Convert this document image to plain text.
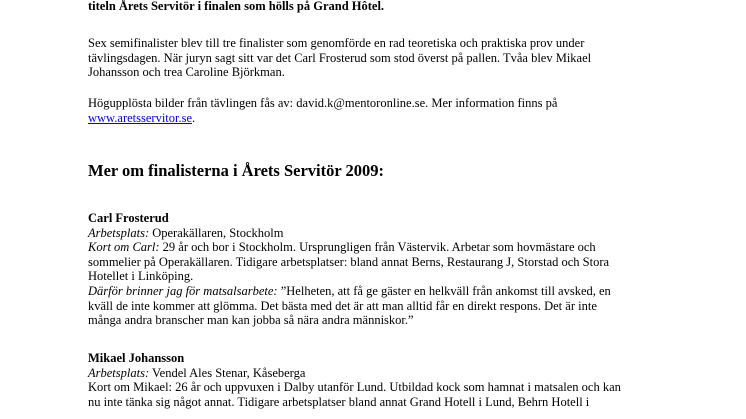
titeln Årets Servitör i finalen som hölls på Grand Hôtel.
Sex semifinalister blev till tre finalister som genomförde en rad teoretiska och praktiska prov under
tävlingsdagen. När juryn sagt sitt var det Carl Frosterud som stod överst på pallen. Tvåa blev Mikael
Johansson och trea Caroline Björkman.
Högupplösta bilder från tävlingen fås av: david.k@mentoronline.se. Mer information finns på
www.aretsservitor.se.
Mer om finalisterna i Årets Servitör 2009:
Carl Frosterud
Arbetsplats: Operakällaren, Stockholm
Kort om Carl: 29 år och bor i Stockholm. Ursprungligen från Västervik. Arbetar som hovmästare och
sommelier på Operakällaren. Tidigare arbetsplatser: bland annat Berns, Restaurang J, Storstad och Stora
Hotellet i Linköping.
Därför brinner jag för matsalsarbete: ”Helheten, att få ge gäster en helkväll från ankomst till avsked, en
kväll de inte kommer att glömma. Det bästa med det är att man alltid får en direkt respons. Det är inte
många andra branscher man kan jobba så nära andra människor.”
Mikael Johansson
Arbetsplats: Vendel Ales Stenar, Kåseberga
Kort om Mikael: 26 år och uppvuxen i Dalby utanför Lund. Utbildad kock som hamnat i matsalen och kan
nu inte tänka sig något annat. Tidigare arbetsplatser bland annat Grand Hotell i Lund, Behrn Hotell i
